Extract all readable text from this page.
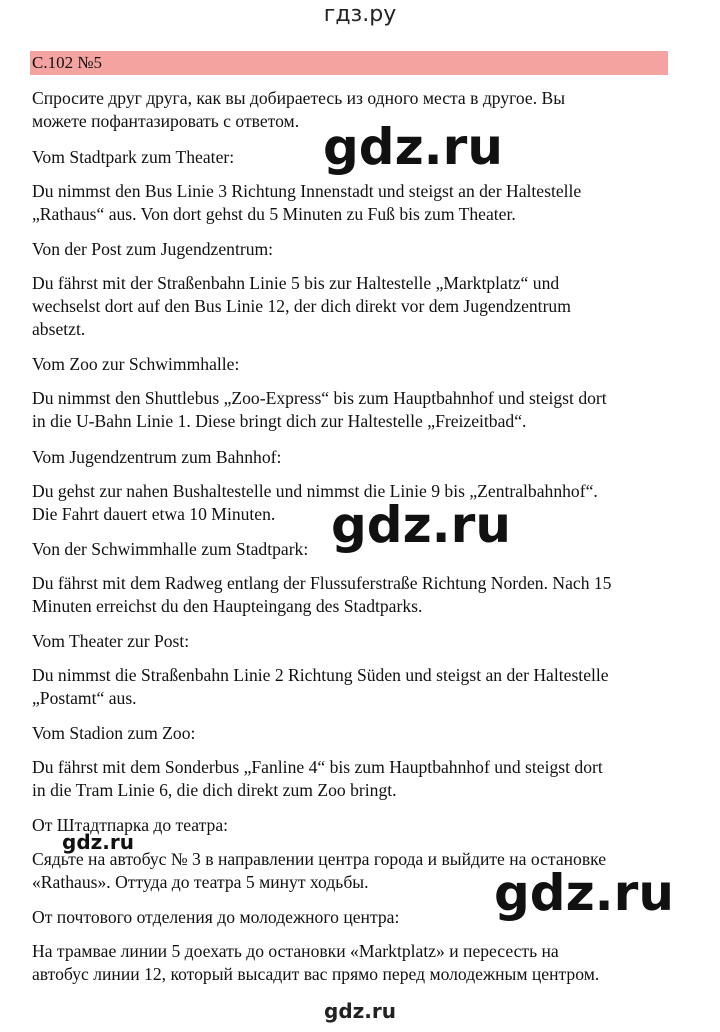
гдз.ру
С.102 №5
Спросите друг друга, как вы добираетесь из одного места в другое. Вы
можете пофантазировать с ответом.
Vom Stadtpark zum Theater:
Du nimmst den Bus Linie 3 Richtung Innenstadt und steigst an der Haltestelle
„Rathaus“ aus. Von dort gehst du 5 Minuten zu Fuß bis zum Theater.
Von der Post zum Jugendzentrum:
Du fährst mit der Straßenbahn Linie 5 bis zur Haltestelle „Marktplatz“ und
wechselst dort auf den Bus Linie 12, der dich direkt vor dem Jugendzentrum
absetzt.
Vom Zoo zur Schwimmhalle:
Du nimmst den Shuttlebus „Zoo-Express“ bis zum Hauptbahnhof und steigst dort
in die U-Bahn Linie 1. Diese bringt dich zur Haltestelle „Freizeitbad“.
Vom Jugendzentrum zum Bahnhof:
Du gehst zur nahen Bushaltestelle und nimmst die Linie 9 bis „Zentralbahnhof“.
Die Fahrt dauert etwa 10 Minuten.
Von der Schwimmhalle zum Stadtpark:
Du fährst mit dem Radweg entlang der Flussuferstraße Richtung Norden. Nach 15
Minuten erreichst du den Haupteingang des Stadtparks.
Vom Theater zur Post:
Du nimmst die Straßenbahn Linie 2 Richtung Süden und steigst an der Haltestelle
„Postamt“ aus.
Vom Stadion zum Zoo:
Du fährst mit dem Sonderbus „Fanline 4“ bis zum Hauptbahnhof und steigst dort
in die Tram Linie 6, die dich direkt zum Zoo bringt.
От Штадтпарка до театра:
Сядьте на автобус № 3 в направлении центра города и выйдите на остановке
«Rathaus». Оттуда до театра 5 минут ходьбы.
От почтового отделения до молодежного центра:
На трамвае линии 5 доехать до остановки «Marktplatz» и пересесть на
автобус линии 12, который высадит вас прямо перед молодежным центром.
gdz.ru
gdz.ru
gdz.ru
gdz.ru
gdz.ru
